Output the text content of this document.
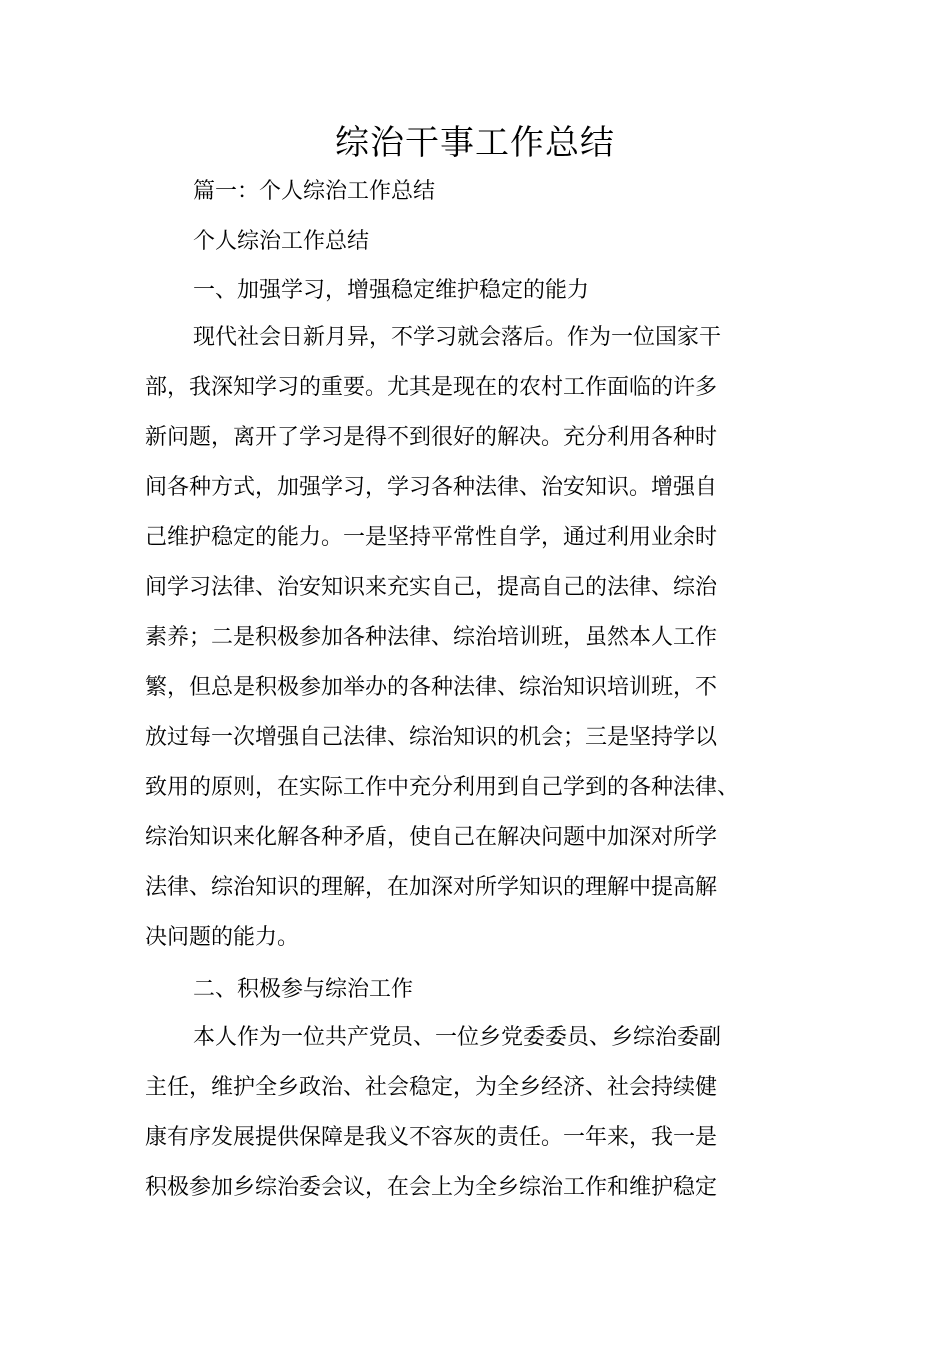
综治干事工作总结

篇一：个人综治工作总结

个人综治工作总结

一、加强学习，增强稳定维护稳定的能力

现代社会日新月异，不学习就会落后。作为一位国家干
部，我深知学习的重要。尤其是现在的农村工作面临的许多
新问题，离开了学习是得不到很好的解决。充分利用各种时
间各种方式，加强学习，学习各种法律、治安知识。增强自
己维护稳定的能力。一是坚持平常性自学，通过利用业余时
间学习法律、治安知识来充实自己，提高自己的法律、综治
素养；二是积极参加各种法律、综治培训班，虽然本人工作
繁，但总是积极参加举办的各种法律、综治知识培训班，不
放过每一次增强自己法律、综治知识的机会；三是坚持学以
致用的原则，在实际工作中充分利用到自己学到的各种法律、
综治知识来化解各种矛盾，使自己在解决问题中加深对所学
法律、综治知识的理解，在加深对所学知识的理解中提高解
决问题的能力。

二、积极参与综治工作

本人作为一位共产党员、一位乡党委委员、乡综治委副
主任，维护全乡政治、社会稳定，为全乡经济、社会持续健
康有序发展提供保障是我义不容灰的责任。一年来，我一是
积极参加乡综治委会议，在会上为全乡综治工作和维护稳定
